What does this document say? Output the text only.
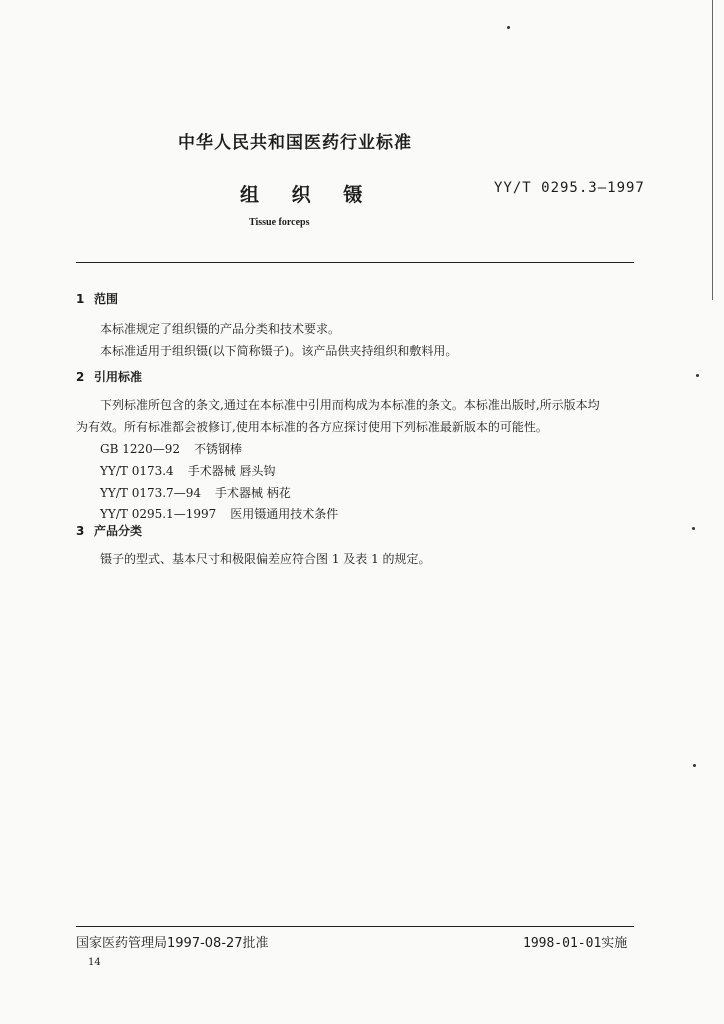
中华人民共和国医药行业标准
组 织 镊	YY/T 0295.3—1997
Tissue forceps
1 范围
本标准规定了组织镊的产品分类和技术要求。
本标准适用于组织镊(以下简称镊子)。该产品供夹持组织和敷料用。
2 引用标准
下列标准所包含的条文,通过在本标准中引用而构成为本标准的条文。本标准出版时,所示版本均
为有效。所有标准都会被修订,使用本标准的各方应探讨使用下列标准最新版本的可能性。
GB 1220—92 不锈钢棒
YY/T 0173.4 手术器械 唇头钩
YY/T 0173.7—94 手术器械 柄花
YY/T 0295.1—1997 医用镊通用技术条件
3 产品分类
镊子的型式、基本尺寸和极限偏差应符合图 1 及表 1 的规定。
国家医药管理局1997-08-27批准	1998-01-01实施
14
